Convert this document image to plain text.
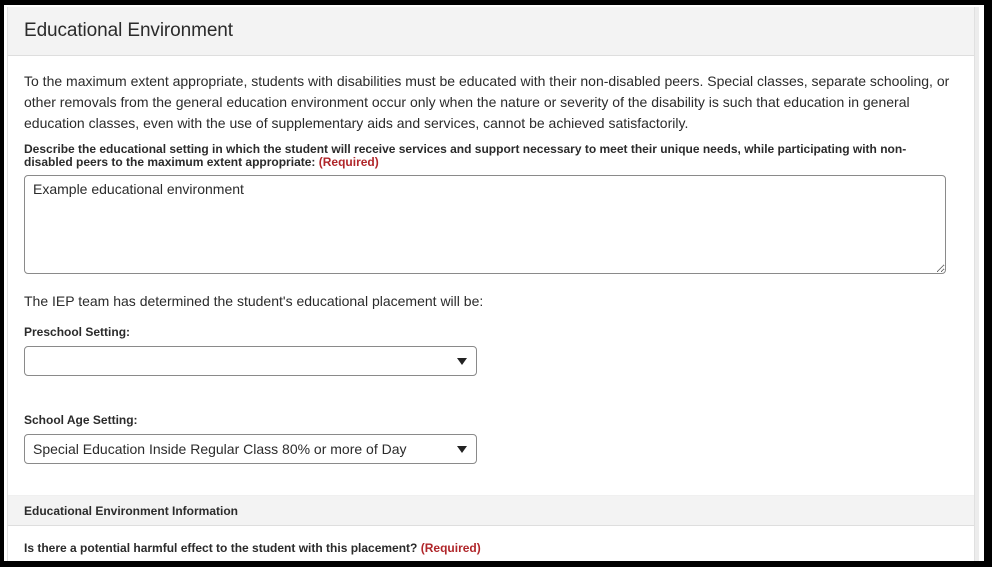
Educational Environment

To the maximum extent appropriate, students with disabilities must be educated with their non-disabled peers. Special classes, separate schooling, or other removals from the general education environment occur only when the nature or severity of the disability is such that education in general education classes, even with the use of supplementary aids and services, cannot be achieved satisfactorily.

Describe the educational setting in which the student will receive services and support necessary to meet their unique needs, while participating with non-disabled peers to the maximum extent appropriate: (Required)
Example educational environment

The IEP team has determined the student's educational placement will be:

Preschool Setting:
School Age Setting:
Special Education Inside Regular Class 80% or more of Day
Educational Environment Information
Is there a potential harmful effect to the student with this placement? (Required)
